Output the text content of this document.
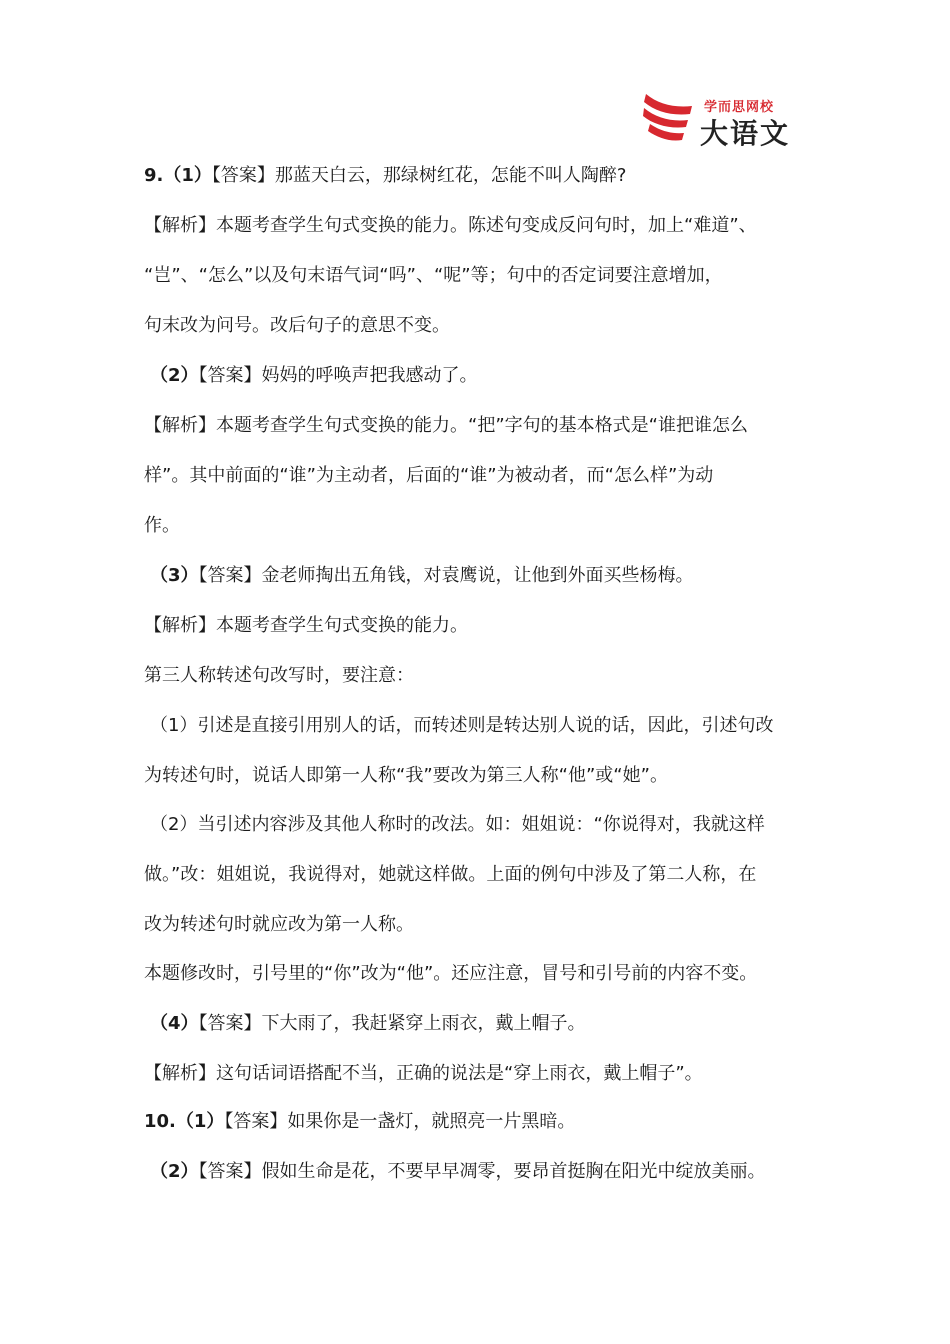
学而思网校
大语文
9.（1）【答案】那蓝天白云，那绿树红花，怎能不叫人陶醉?
【解析】本题考查学生句式变换的能力。陈述句变成反问句时，加上“难道”、
“岂”、“怎么”以及句末语气词“吗”、“呢”等；句中的否定词要注意增加，
句末改为问号。改后句子的意思不变。
（2）【答案】妈妈的呼唤声把我感动了。
【解析】本题考查学生句式变换的能力。“把”字句的基本格式是“谁把谁怎么
样”。其中前面的“谁”为主动者，后面的“谁”为被动者，而“怎么样”为动
作。
（3）【答案】金老师掏出五角钱，对袁鹰说，让他到外面买些杨梅。
【解析】本题考查学生句式变换的能力。
第三人称转述句改写时，要注意：
（1）引述是直接引用别人的话，而转述则是转达别人说的话，因此，引述句改
为转述句时，说话人即第一人称“我”要改为第三人称“他”或“她”。
（2）当引述内容涉及其他人称时的改法。如：姐姐说：“你说得对，我就这样
做。”改：姐姐说，我说得对，她就这样做。上面的例句中涉及了第二人称，在
改为转述句时就应改为第一人称。
本题修改时，引号里的“你”改为“他”。还应注意，冒号和引号前的内容不变。
（4）【答案】下大雨了，我赶紧穿上雨衣，戴上帽子。
【解析】这句话词语搭配不当，正确的说法是“穿上雨衣，戴上帽子”。
10.（1）【答案】如果你是一盏灯，就照亮一片黑暗。
（2）【答案】假如生命是花，不要早早凋零，要昂首挺胸在阳光中绽放美丽。
